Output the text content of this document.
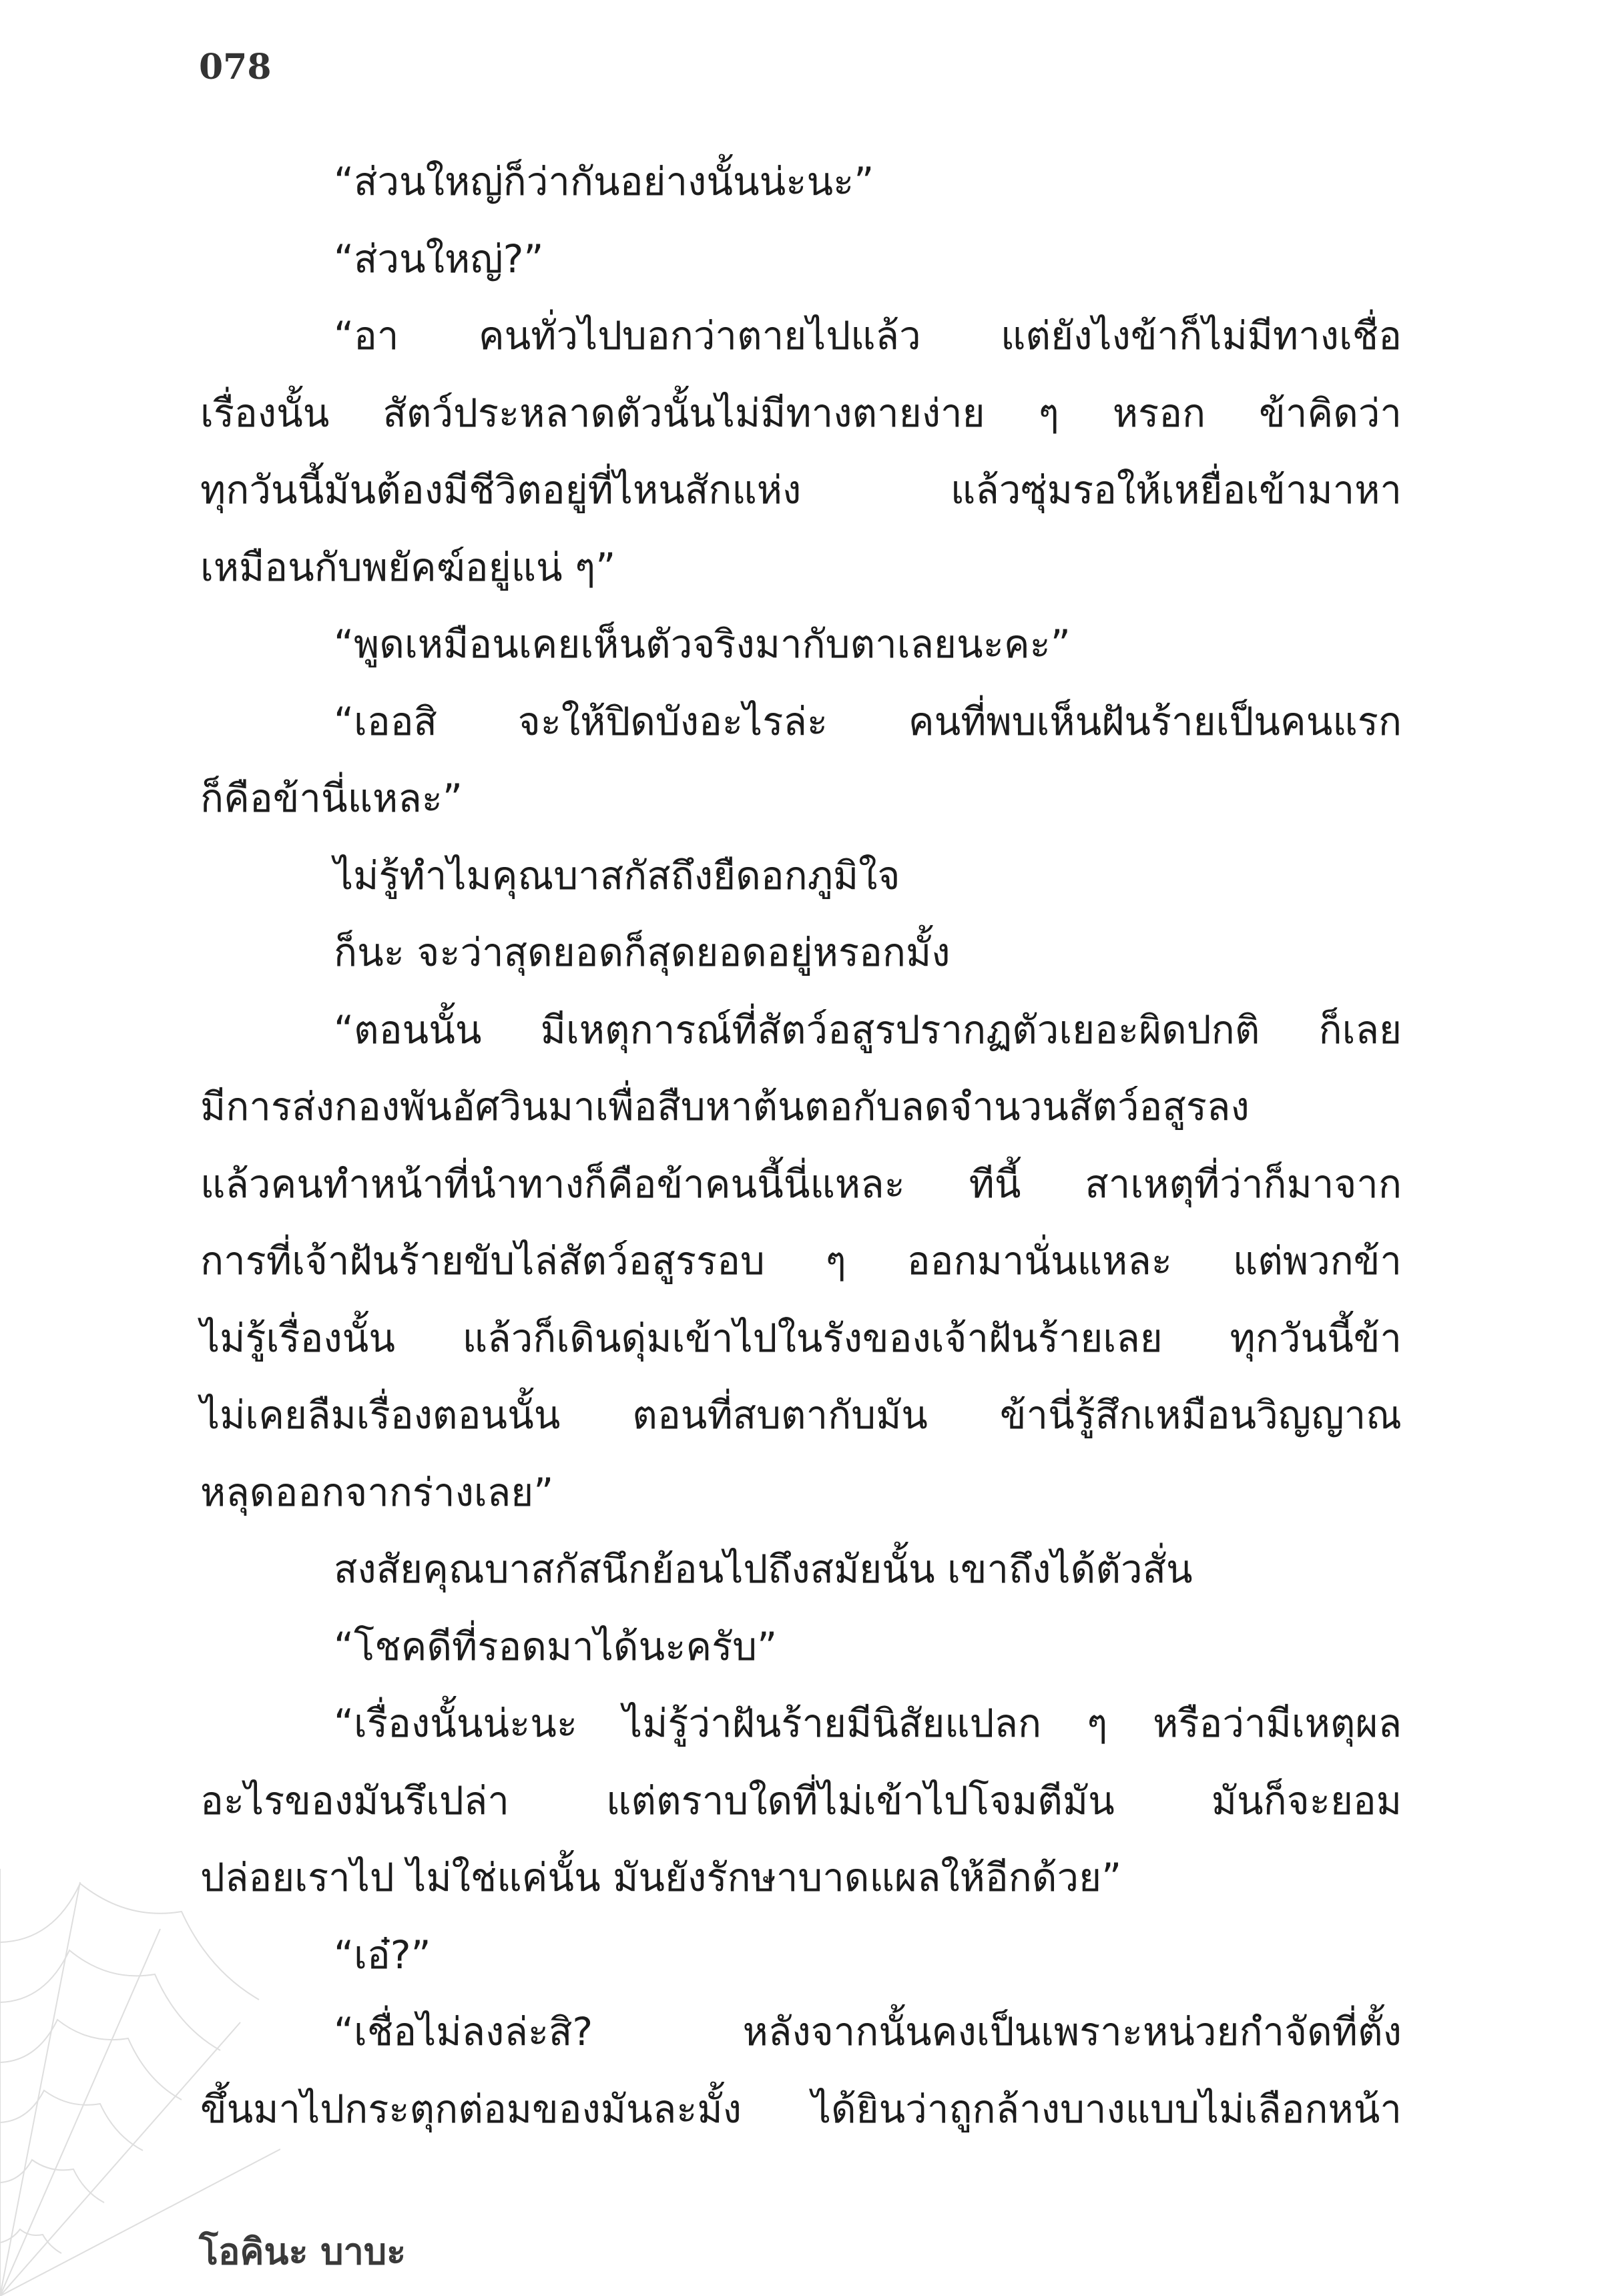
078
“ส่วนใหญ่ก็ว่ากันอย่างนั้นน่ะนะ”
“ส่วนใหญ่?”
“อา คนทั่วไปบอกว่าตายไปแล้ว แต่ยังไงข้าก็ไม่มีทางเชื่อ
เรื่องนั้น สัตว์ประหลาดตัวนั้นไม่มีทางตายง่าย ๆ หรอก ข้าคิดว่า
ทุกวันนี้มันต้องมีชีวิตอยู่ที่ไหนสักแห่ง แล้วซุ่มรอให้เหยื่อเข้ามาหา
เหมือนกับพยัคฆ์อยู่แน่ ๆ”
“พูดเหมือนเคยเห็นตัวจริงมากับตาเลยนะคะ”
“เออสิ จะให้ปิดบังอะไรล่ะ คนที่พบเห็นฝันร้ายเป็นคนแรก
ก็คือข้านี่แหละ”
ไม่รู้ทำไมคุณบาสกัสถึงยืดอกภูมิใจ
ก็นะ จะว่าสุดยอดก็สุดยอดอยู่หรอกมั้ง
“ตอนนั้น มีเหตุการณ์ที่สัตว์อสูรปรากฏตัวเยอะผิดปกติ ก็เลย
มีการส่งกองพันอัศวินมาเพื่อสืบหาต้นตอกับลดจำนวนสัตว์อสูรลง
แล้วคนทำหน้าที่นำทางก็คือข้าคนนี้นี่แหละ ทีนี้ สาเหตุที่ว่าก็มาจาก
การที่เจ้าฝันร้ายขับไล่สัตว์อสูรรอบ ๆ ออกมานั่นแหละ แต่พวกข้า
ไม่รู้เรื่องนั้น แล้วก็เดินดุ่มเข้าไปในรังของเจ้าฝันร้ายเลย ทุกวันนี้ข้า
ไม่เคยลืมเรื่องตอนนั้น ตอนที่สบตากับมัน ข้านี่รู้สึกเหมือนวิญญาณ
หลุดออกจากร่างเลย”
สงสัยคุณบาสกัสนึกย้อนไปถึงสมัยนั้น เขาถึงได้ตัวสั่น
“โชคดีที่รอดมาได้นะครับ”
“เรื่องนั้นน่ะนะ ไม่รู้ว่าฝันร้ายมีนิสัยแปลก ๆ หรือว่ามีเหตุผล
อะไรของมันรึเปล่า แต่ตราบใดที่ไม่เข้าไปโจมตีมัน มันก็จะยอม
ปล่อยเราไป ไม่ใช่แค่นั้น มันยังรักษาบาดแผลให้อีกด้วย”
“เอ๋?”
“เชื่อไม่ลงล่ะสิ? หลังจากนั้นคงเป็นเพราะหน่วยกำจัดที่ตั้ง
ขึ้นมาไปกระตุกต่อมของมันละมั้ง ได้ยินว่าถูกล้างบางแบบไม่เลือกหน้า
โอคินะ บาบะ
